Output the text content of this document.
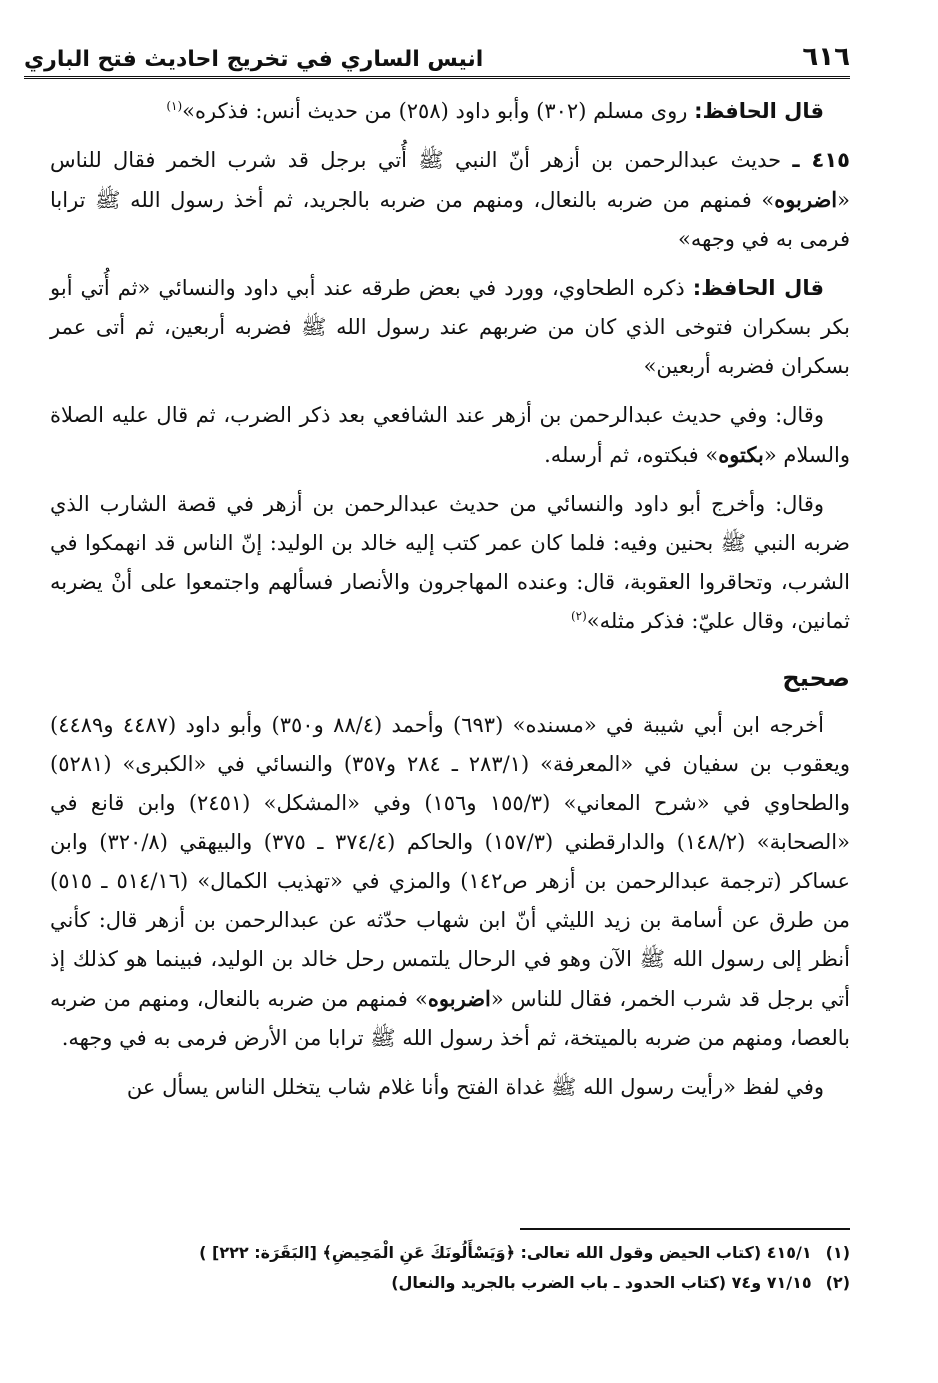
٦١٦
انيس الساري في تخريج احاديث فتح الباري

قال الحافظ: روى مسلم (٣٠٢) وأبو داود (٢٥٨) من حديث أنس: فذكره»$^{(١)}$

٤١٥ ـ حديث عبدالرحمن بن أزهر أنّ النبي ﷺ أُتي برجل قد شرب الخمر فقال للناس «اضربوه» فمنهم من ضربه بالنعال، ومنهم من ضربه بالجريد، ثم أخذ رسول الله ﷺ ترابا فرمى به في وجهه»

قال الحافظ: ذكره الطحاوي، وورد في بعض طرقه عند أبي داود والنسائي «ثم أُتي أبو بكر بسكران فتوخى الذي كان من ضربهم عند رسول الله ﷺ فضربه أربعين، ثم أتى عمر بسكران فضربه أربعين»

وقال: وفي حديث عبدالرحمن بن أزهر عند الشافعي بعد ذكر الضرب، ثم قال عليه الصلاة والسلام «بكتوه» فبكتوه، ثم أرسله.

وقال: وأخرج أبو داود والنسائي من حديث عبدالرحمن بن أزهر في قصة الشارب الذي ضربه النبي ﷺ بحنين وفيه: فلما كان عمر كتب إليه خالد بن الوليد: إنّ الناس قد انهمكوا في الشرب، وتحاقروا العقوبة، قال: وعنده المهاجرون والأنصار فسألهم واجتمعوا على أنْ يضربه ثمانين، وقال عليّ: فذكر مثله»$^{(٢)}$

صحيح

أخرجه ابن أبي شيبة في «مسنده» (٦٩٣) وأحمد (٨٨/٤ و٣٥٠) وأبو داود (٤٤٨٧ و٤٤٨٩) ويعقوب بن سفيان في «المعرفة» (٢٨٣/١ ـ ٢٨٤ و٣٥٧) والنسائي في «الكبرى» (٥٢٨١) والطحاوي في «شرح المعاني» (١٥٥/٣ و١٥٦) وفي «المشكل» (٢٤٥١) وابن قانع في «الصحابة» (١٤٨/٢) والدارقطني (١٥٧/٣) والحاكم (٣٧٤/٤ ـ ٣٧٥) والبيهقي (٣٢٠/٨) وابن عساكر (ترجمة عبدالرحمن بن أزهر ص١٤٢) والمزي في «تهذيب الكمال» (٥١٤/١٦ ـ ٥١٥) من طرق عن أسامة بن زيد الليثي أنّ ابن شهاب حدّثه عن عبدالرحمن بن أزهر قال: كأني أنظر إلى رسول الله ﷺ الآن وهو في الرحال يلتمس رحل خالد بن الوليد، فبينما هو كذلك إذ أتي برجل قد شرب الخمر، فقال للناس «اضربوه» فمنهم من ضربه بالنعال، ومنهم من ضربه بالعصا، ومنهم من ضربه بالميتخة، ثم أخذ رسول الله ﷺ ترابا من الأرض فرمى به في وجهه.

وفي لفظ «رأيت رسول الله ﷺ غداة الفتح وأنا غلام شاب يتخلل الناس يسأل عن

(١)
٤١٥/١ (كتاب الحيض وقول الله تعالى: ﴿وَيَسْأَلُونَكَ عَنِ الْمَحِيضِ﴾ [البَقَرَة: ٢٢٢] )
(٢)
٧١/١٥ و٧٤ (كتاب الحدود ـ باب الضرب بالجريد والنعال)
